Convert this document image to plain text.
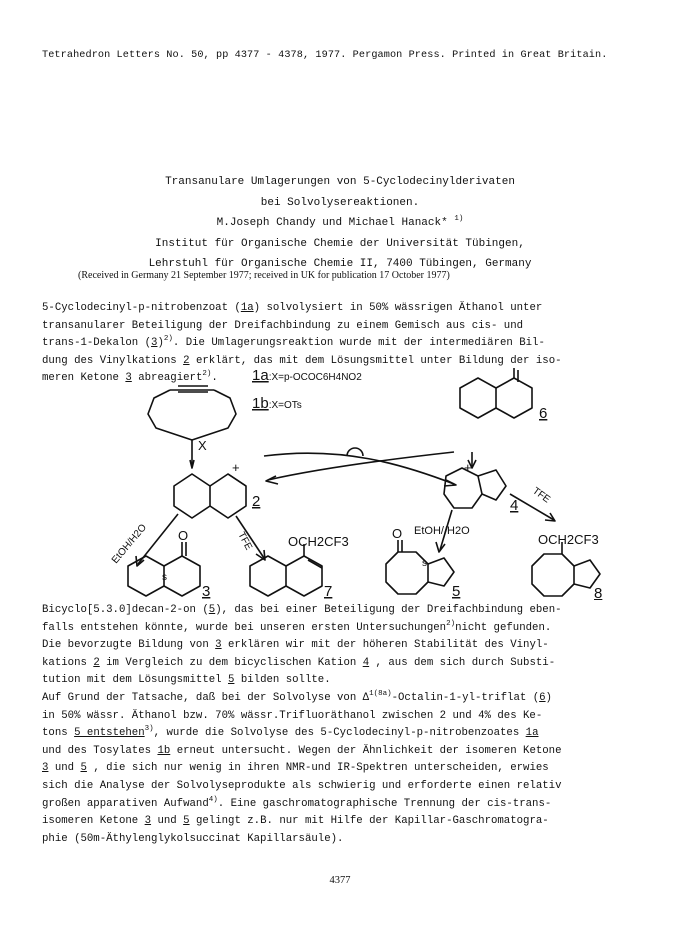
Tetrahedron Letters No. 50, pp 4377 - 4378, 1977. Pergamon Press. Printed in Great Britain.
Transanulare Umlagerungen von 5-Cyclodecinylderivaten
bei Solvolysereaktionen.
M.Joseph Chandy und Michael Hanack* $^{1)}$
Institut für Organische Chemie der Universität Tübingen,
Lehrstuhl für Organische Chemie II, 7400 Tübingen, Germany
(Received in Germany 21 September 1977; received in UK for publication 17 October 1977)
5-Cyclodecinyl-p-nitrobenzoat (1a) solvolysiert in 50% wässrigen Äthanol unter
transanularer Beteiligung der Dreifachbindung zu einem Gemisch aus cis- und
trans-1-Dekalon $(3)^{2)}$. Die Umlagerungsreaktion wurde mit der intermediären Bil-
dung des Vinylkations 2 erklärt, das mit dem Lösungsmittel unter Bildung der iso-
meren Ketone 3 abreagiert$^{2)}$.	1a:X=p-OCOC6H4NO2
1b:X=OTs
X
6
2
+
4
+
EtOH/H2O	TFE	EtOH//H2O
TFE
O
s
3
OCH2CF3
7
O
s
5
OCH2CF3
8
Bicyclo[5.3.0]decan-2-on (5), das bei einer Beteiligung der Dreifachbindung eben-
falls entstehen könnte, wurde bei unseren ersten Untersuchungen$^{2)}$nicht gefunden.
Die bevorzugte Bildung von 3 erklären wir mit der höheren Stabilität des Vinyl-
kations 2 im Vergleich zu dem bicyclischen Kation 4 , aus dem sich durch Substi-
tution mit dem Lösungsmittel 5 bilden sollte.
Auf Grund der Tatsache, daß bei der Solvolyse von $\Delta^{1(8a)}-Octalin-1-yl$-triflat (6)
in 50% wässr. Äthanol bzw. 70% wässr.Trifluoräthanol zwischen 2 und 4% des Ke-
tons 5 entstehen$^{3)}$, wurde die Solvolyse des 5-Cyclodecinyl-p-nitrobenzoates 1a
und des Tosylates 1b erneut untersucht. Wegen der Ähnlichkeit der isomeren Ketone
3 und 5 , die sich nur wenig in ihren NMR-und IR-Spektren unterscheiden, erwies
sich die Analyse der Solvolyseprodukte als schwierig und erforderte einen relativ
großen apparativen Aufwand$^{4)}$. Eine gaschromatographische Trennung der cis-trans-
isomeren Ketone 3 und 5 gelingt z.B. nur mit Hilfe der Kapillar-Gaschromatogra-
phie (50m-Äthylenglykolsuccinat Kapillarsäule).
4377
